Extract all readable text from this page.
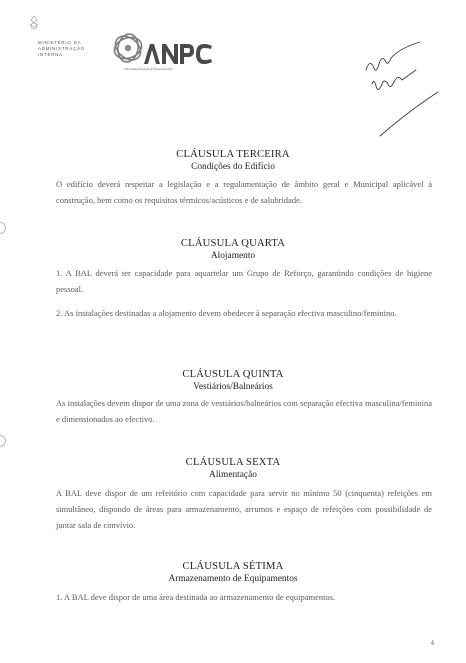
MINISTÉRIO DA
ADMINISTRAÇÃO
INTERNA
Autoridade Nacional de Protecção Civil
CLÁUSULA TERCEIRA
Condições do Edifício

O edifício deverá respeitar a legislação e a regulamentação de âmbito geral e Municipal aplicável à construção, bem como os requisitos térmicos/acústicos e de salubridade.

CLÁUSULA QUARTA
Alojamento

1. A BAL deverá ter capacidade para aquartelar um Grupo de Reforço, garantindo condições de higiene pessoal.

2. As instalações destinadas a alojamento devem obedecer à separação efectiva masculino/feminino.

CLÁUSULA QUINTA
Vestiários/Balneários

As instalações devem dispor de uma zona de vestiários/balneários com separação efectiva masculina/feminina e dimensionados ao efectivo.

CLÁUSULA SEXTA
Alimentação

A BAL deve dispor de um refeitório com capacidade para servir no mínimo 50 (cinquenta) refeições em simultâneo, dispondo de áreas para armazenamento, arrumos e espaço de refeições com possibilidade de juntar sala de convívio.

CLÁUSULA SÉTIMA
Armazenamento de Equipamentos

1. A BAL deve dispor de uma área destinada ao armazenamento de equipamentos.

4
